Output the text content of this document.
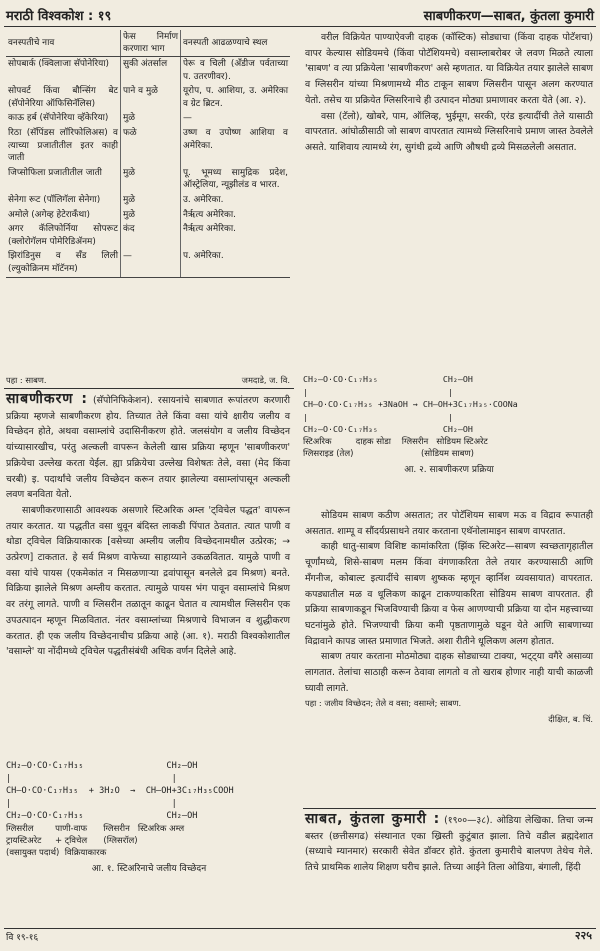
मराठी विश्वकोश : १९	साबणीकरण—साबत, कुंतला कुमारी
वनस्पतीचे नाव	फेस निर्माण करणारा भाग	वनस्पती आढळण्याचे स्थल
सोपबार्क (क्विलाजा सॅपोनेरिया)	सुकी अंतर्साल	पेरू व चिली (अँडीज पर्वताच्या प. उतरणीवर).
सोपवर्ट किंवा बौन्सिंग बेट (सॅपोनेरिया ऑफिसिनॅलिस)	पाने व मुळे	यूरोप, प. आशिया, उ. अमेरिका व ग्रेट ब्रिटन.
काऊ हर्ब (सॅपोनेरिया व्हॅकेरिया)	मुळे	—
रिठा (सॅपिंडस लॉरिफोलिअस) व त्याच्या प्रजातीतील इतर काही जाती	फळे	उष्ण व उपोष्ण आशिया व अमेरिका.
जिप्सोफिला प्रजातीतील जाती	मुळे	पू. भूमध्य सामुद्रिक प्रदेश, ऑस्ट्रेलिया, न्यूझीलंड व भारत.
सेनेगा रूट (पॉलिगॅला सेनेगा)	मुळे	उ. अमेरिका.
अमोले (अगेव्ह हेटेराकँथा)	मुळे	नैर्ऋत्य अमेरिका.
अगर कॅलिफोर्निया सोपरूट (क्लोरोगॅलम पोमेरिडिॲनम)	कंद	नैर्ऋत्य अमेरिका.
झिरांडिनुस व सँड लिली (ल्युकोक्रिनम मॉटॅनम)	—	प. अमेरिका.

वरील विक्रियेत पाण्याऐवजी दाहक (कॉस्टिक) सोड्याचा (किंवा दाहक पोटॅशचा) वापर केल्यास सोडियमचे (किंवा पोटॅशियमचे) वसाम्लाबरोबर जे लवण मिळते त्याला 'साबण' व त्या प्रक्रियेला 'साबणीकरण' असे म्हणतात. या विक्रियेत तयार झालेले साबण व ग्लिसरीन यांच्या मिश्रणामध्ये मीठ टाकून साबण ग्लिसरीन पासून अलग करण्यात येतो. तसेच या प्रक्रियेत ग्लिसरिनाचे ही उत्पादन मोठ्या प्रमाणावर करता येते (आ. २).

वसा (टॅलो), खोबरे, पाम, ऑलिव्ह, भुईमूग, सरकी, एरंड इत्यादींची तेले यासाठी वापरतात. आंघोळीसाठी जो साबण वापरतात त्यामध्ये ग्लिसरिनाचे प्रमाण जास्त ठेवलेले असते. याशिवाय त्यामध्ये रंग, सुगंधी द्रव्ये आणि औषधी द्रव्ये मिसळलेली असतात.

पहा : साबण.	जमदाडे, ज. वि.

साबणीकरण : (सॅपोनिफिकेशन). रसायनांचे साबणात रूपांतरण करणारी प्रक्रिया म्हणजे साबणीकरण होय. तिच्यात तेले किंवा वसा यांचे क्षारीय जलीय व विच्छेदन होते, अथवा वसाम्लांचे उदासिनीकरण होते. जलसंयोग व जलीय विच्छेदन यांच्यासारखीच, परंतु अल्कली वापरून केलेली खास प्रक्रिया म्हणून 'साबणीकरण' प्रक्रियेचा उल्लेख करता येईल. ह्या प्रक्रियेचा उल्लेख विशेषतः तेले, वसा (मेद किंवा चरबी) इ. पदार्थांचे जलीय विच्छेदन करून तयार झालेल्या वसाम्लांपासून अल्कली लवण बनविता येतो.

साबणीकरणासाठी आवश्यक असणारे स्टिअरिक अम्ल 'ट्विचेल पद्धत' वापरून तयार करतात. या पद्धतीत वसा धुवून बंदिस्त लाकडी पिंपात ठेवतात. त्यात पाणी व थोडा ट्विचेल विक्रियाकारक [वसेच्या अम्लीय जलीय विच्छेदनामधील उत्प्रेरक; → उत्प्रेरण] टाकतात. हे सर्व मिश्रण वाफेच्या साहाय्याने उकळवितात. यामुळे पाणी व वसा यांचे पायस (एकमेकांत न मिसळणाऱ्या द्रवांपासून बनलेले द्रव मिश्रण) बनते. विक्रिया झालेले मिश्रण अम्लीय करतात. त्यामुळे पायस भंग पावून वसाम्लांचे मिश्रण वर तरंगू लागते. पाणी व ग्लिसरीन तळातून काढून घेतात व त्यामधील ग्लिसरीन एक उपउत्पादन म्हणून मिळवितात. नंतर वसाम्लांच्या मिश्रणाचे विभाजन व शुद्धीकरण करतात. ही एक जलीय विच्छेदनाचीच प्रक्रिया आहे (आ. १). मराठी विश्वकोशातील 'वसाम्ले' या नोंदीमध्ये ट्विचेल पद्धतीसंबंधी अधिक वर्णन दिलेले आहे.

CH₂–O·CO·C₁₇H₃₅                CH₂–OH
|                               |
CH–O·CO·C₁₇H₃₅  + 3H₂O  →  CH–OH+3C₁₇H₃₅COOH
|                               |
CH₂–O·CO·C₁₇H₃₅                CH₂–OH
ग्लिसरील        पाणी-वाफ      ग्लिसरीन   स्टिअरिक अम्ल
ट्रायस्टिअरेट     + ट्विचेल      (ग्लिसरॉल)
(वसायुक्त पदार्थ)  विक्रियाकारक
आ. १. स्टिअरिनाचे जलीय विच्छेदन
CH₂–O·CO·C₁₇H₃₅             CH₂–OH
|                            |
CH–O·CO·C₁₇H₃₅ +3NaOH → CH–OH+3C₁₇H₃₅·COONa
|                            |
CH₂–O·CO·C₁₇H₃₅             CH₂–OH
स्टिअरिक         दाहक सोडा    ग्लिसरीन   सोडियम स्टिअरेट
ग्लिसराइड (तेल)                         (सोडियम साबण)
आ. २. साबणीकरण प्रक्रिया

सोडियम साबण कठीण असतात; तर पोटॅशियम साबण मऊ व विद्राव रूपातही असतात. शाम्पू व सौंदर्यप्रसाधने तयार करताना एथॅनोलामाइन साबण वापरतात.

काही धातु-साबण विशिष्ट कामांकरिता (झिंक स्टिअरेट—साबण स्वच्छतागृहातील चूर्णांमध्ये, शिसे-साबण मलम किंवा वंगणाकरिता तेले तयार करण्यासाठी आणि मँगनीज, कोबाल्ट इत्यादींचे साबण शुष्कक म्हणून व्हार्निश व्यवसायात) वापरतात. कपड्यातील मळ व धूलिकण काढून टाकण्याकरिता सोडियम साबण वापरतात. ही प्रक्रिया साबणाकडून भिजविण्याची क्रिया व फेस आणण्याची प्रक्रिया या दोन महत्त्वाच्या घटनांमुळे होते. भिजण्याची क्रिया कमी पृष्ठताणामुळे घडून येते आणि साबणाच्या विद्रावाने कापड जास्त प्रमाणात भिजते. अशा रीतीने धूलिकण अलग होतात.

साबण तयार करताना मोठमोठ्या दाहक सोड्याच्या टाक्या, भट्ट्या वगैरे असाव्या लागतात. तेलांचा साठाही करून ठेवावा लागतो व तो खराब होणार नाही याची काळजी घ्यावी लागते.

पहा : जलीय विच्छेदन; तेले व वसा; वसाम्ले; साबण.

दीक्षित, ब. चिं.

साबत, कुंतला कुमारी : (१९००—३८). ओडिया लेखिका. तिचा जन्म बस्तर (छत्तीसगढ) संस्थानात एका ख्रिस्ती कुटुंबात झाला. तिचे वडील ब्रह्मदेशात (सध्याचे म्यानमार) सरकारी सेवेत डॉक्टर होते. कुंतला कुमारीचे बालपण तेथेच गेले. तिचे प्राथमिक शालेय शिक्षण घरीच झाले. तिच्या आईने तिला ओडिया, बंगाली, हिंदी

वि १९-१६	२२५
